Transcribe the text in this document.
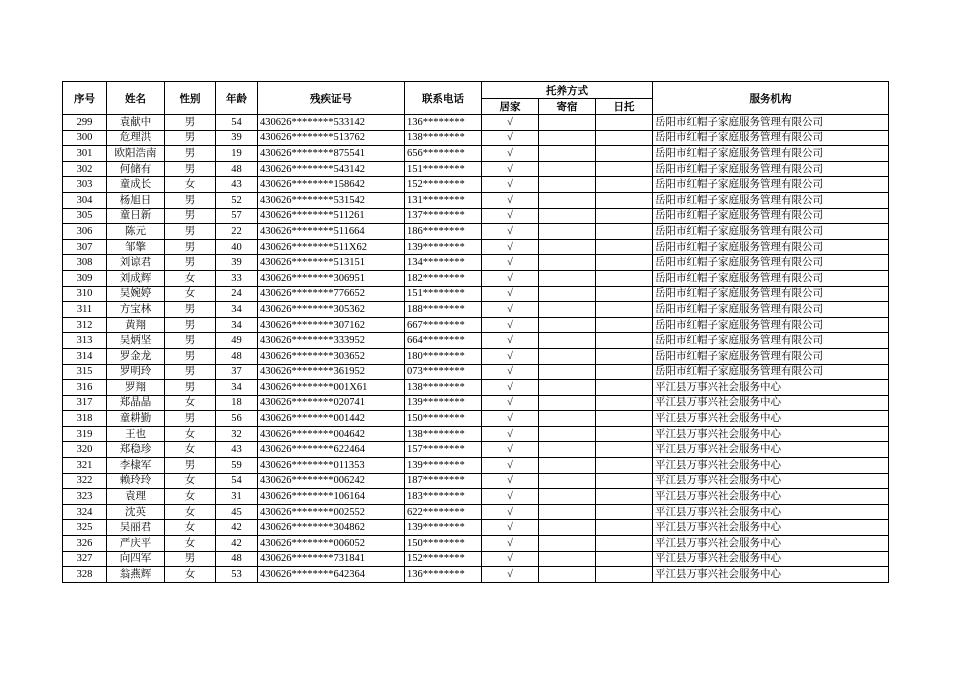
序号	姓名	性别	年龄	残疾证号	联系电话	托养方式			服务机构
						居家	寄宿	日托	
299	袁献中	男	54	430626********533142	136********	√			岳阳市红帽子家庭服务管理有限公司
300	危理洪	男	39	430626********513762	138********	√			岳阳市红帽子家庭服务管理有限公司
301	欧阳浩南	男	19	430626********875541	656********	√			岳阳市红帽子家庭服务管理有限公司
302	何储有	男	48	430626********543142	151********	√			岳阳市红帽子家庭服务管理有限公司
303	童成长	女	43	430626********158642	152********	√			岳阳市红帽子家庭服务管理有限公司
304	杨旭日	男	52	430626********531542	131********	√			岳阳市红帽子家庭服务管理有限公司
305	童日新	男	57	430626********511261	137********	√			岳阳市红帽子家庭服务管理有限公司
306	陈元	男	22	430626********511664	186********	√			岳阳市红帽子家庭服务管理有限公司
307	邹擎	男	40	430626********511X62	139********	√			岳阳市红帽子家庭服务管理有限公司
308	刘谅君	男	39	430626********513151	134********	√			岳阳市红帽子家庭服务管理有限公司
309	刘成辉	女	33	430626********306951	182********	√			岳阳市红帽子家庭服务管理有限公司
310	吴婉婷	女	24	430626********776652	151********	√			岳阳市红帽子家庭服务管理有限公司
311	方宝林	男	34	430626********305362	188********	√			岳阳市红帽子家庭服务管理有限公司
312	黄翔	男	34	430626********307162	667********	√			岳阳市红帽子家庭服务管理有限公司
313	吴炳坚	男	49	430626********333952	664********	√			岳阳市红帽子家庭服务管理有限公司
314	罗金龙	男	48	430626********303652	180********	√			岳阳市红帽子家庭服务管理有限公司
315	罗明玲	男	37	430626********361952	073********	√			岳阳市红帽子家庭服务管理有限公司
316	罗翔	男	34	430626********001X61	138********	√			平江县万事兴社会服务中心
317	郑晶晶	女	18	430626********020741	139********	√			平江县万事兴社会服务中心
318	童耕勤	男	56	430626********001442	150********	√			平江县万事兴社会服务中心
319	王也	女	32	430626********004642	138********	√			平江县万事兴社会服务中心
320	郑稳珍	女	43	430626********622464	157********	√			平江县万事兴社会服务中心
321	李棣军	男	59	430626********011353	139********	√			平江县万事兴社会服务中心
322	赖玲玲	女	54	430626********006242	187********	√			平江县万事兴社会服务中心
323	袁理	女	31	430626********106164	183********	√			平江县万事兴社会服务中心
324	沈英	女	45	430626********002552	622********	√			平江县万事兴社会服务中心
325	吴丽君	女	42	430626********304862	139********	√			平江县万事兴社会服务中心
326	严庆平	女	42	430626********006052	150********	√			平江县万事兴社会服务中心
327	向四军	男	48	430626********731841	152********	√			平江县万事兴社会服务中心
328	翁燕辉	女	53	430626********642364	136********	√			平江县万事兴社会服务中心
